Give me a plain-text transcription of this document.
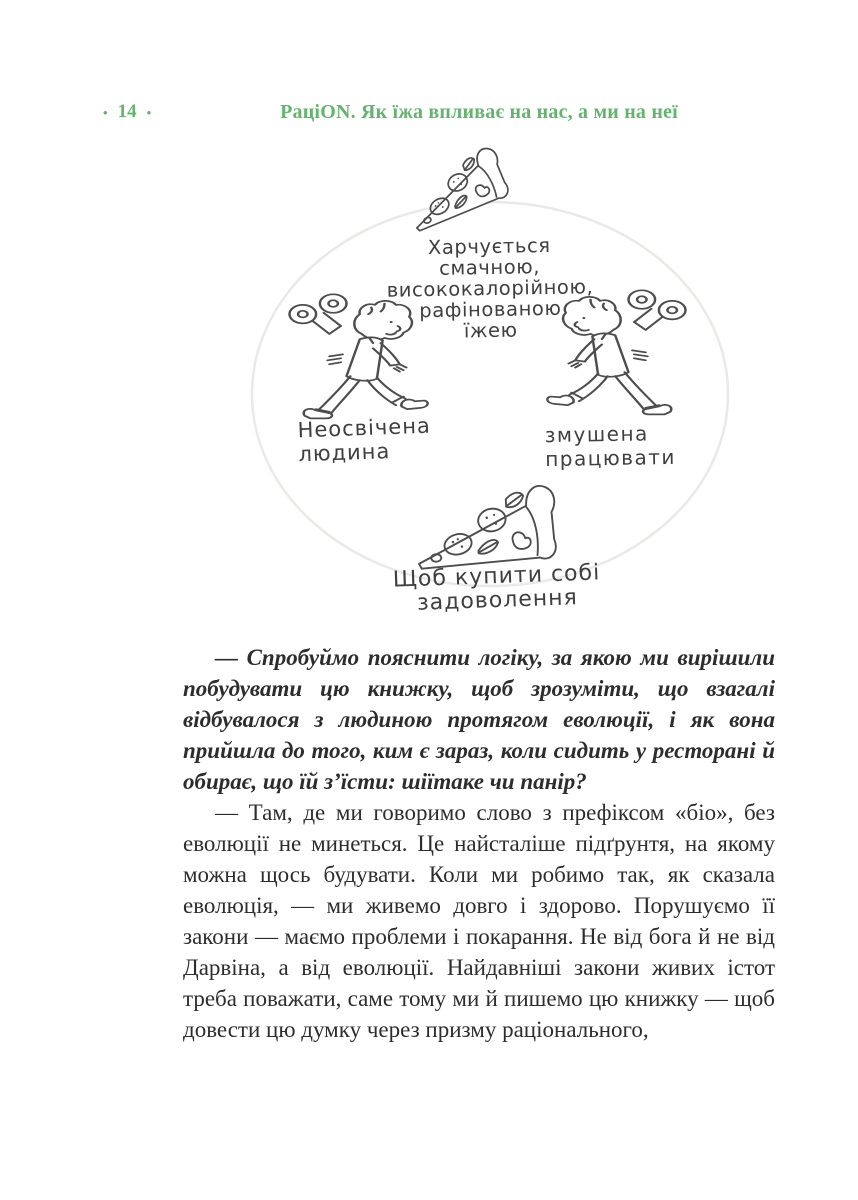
• 14 •	РаціON. Як їжа впливає на нас, а ми на неї
Харчується
смачною,
висококалорійною,
рафінованою
їжею
Неосвічена
людина
змушена
працювати
Щоб купити собі
задоволення

— Спробуймо пояснити логіку, за якою ми вирішили побудувати цю книжку, щоб зрозуміти, що взагалі відбувалося з людиною протягом еволюції, і як вона прийшла до того, ким є зараз, коли сидить у ресторані й обирає, що їй з’їсти: шіїтаке чи панір?

— Там, де ми говоримо слово з префіксом «біо», без еволюції не минеться. Це найсталіше підґрунтя, на якому можна щось будувати. Коли ми робимо так, як сказала еволюція, — ми живемо довго і здорово. Порушуємо її закони — маємо проблеми і покарання. Не від бога й не від Дарвіна, а від еволюції. Найдавніші закони живих істот треба поважати, саме тому ми й пишемо цю книжку — щоб довести цю думку через призму раціонального,
